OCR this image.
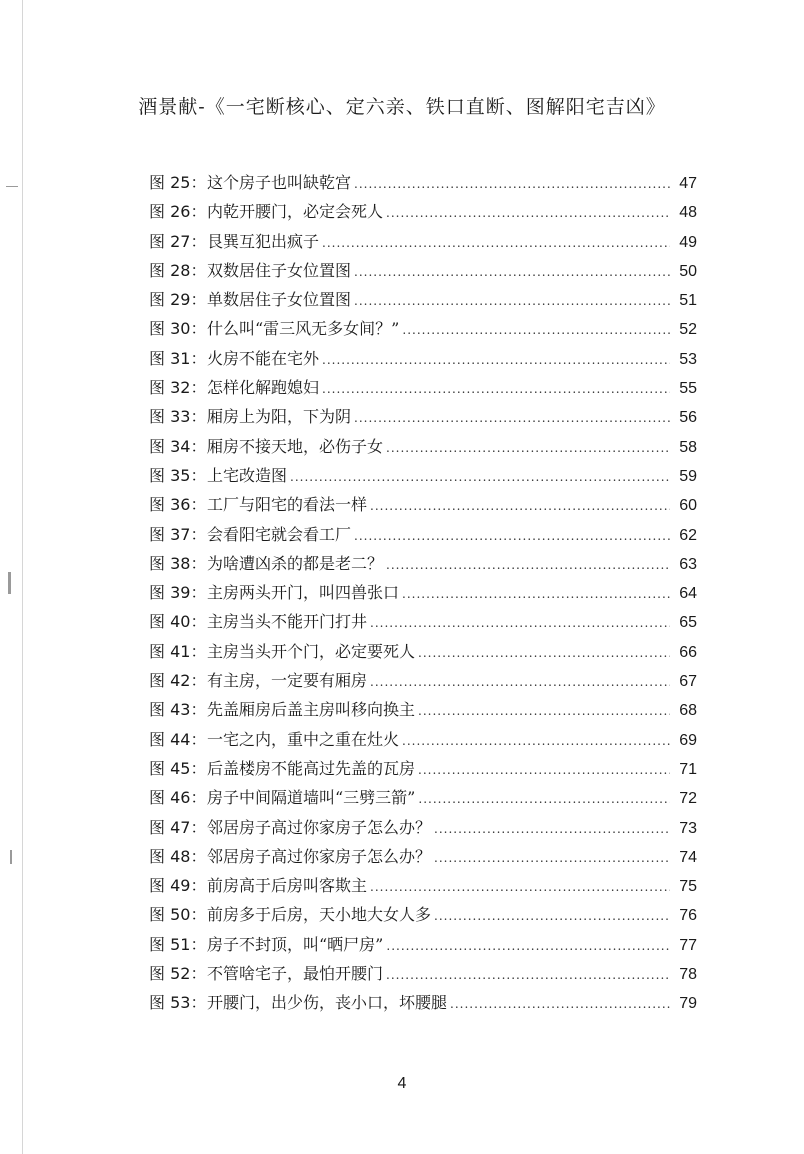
酒景献-《一宅断核心、定六亲、铁口直断、图解阳宅吉凶》
图 25： 这个房子也叫缺乾宫 .....	47
图 26： 内乾开腰门，必定会死人 .....	48
图 27： 艮巽互犯出疯子 .....	49
图 28： 双数居住子女位置图 .....	50
图 29： 单数居住子女位置图 .....	51
图 30： 什么叫“雷三风无多女间？” .....	52
图 31： 火房不能在宅外 .....	53
图 32： 怎样化解跑媳妇 .....	55
图 33： 厢房上为阳，下为阴 .....	56
图 34： 厢房不接天地，必伤子女 .....	58
图 35： 上宅改造图 .....	59
图 36： 工厂与阳宅的看法一样 .....	60
图 37： 会看阳宅就会看工厂 .....	62
图 38： 为啥遭凶杀的都是老二？ .....	63
图 39： 主房两头开门，叫四兽张口 .....	64
图 40： 主房当头不能开门打井 .....	65
图 41： 主房当头开个门，必定要死人 .....	66
图 42： 有主房，一定要有厢房 .....	67
图 43： 先盖厢房后盖主房叫移向换主 .....	68
图 44： 一宅之内，重中之重在灶火 .....	69
图 45： 后盖楼房不能高过先盖的瓦房 .....	71
图 46： 房子中间隔道墙叫“三劈三箭” .....	72
图 47： 邻居房子高过你家房子怎么办？ .....	73
图 48： 邻居房子高过你家房子怎么办？ .....	74
图 49： 前房高于后房叫客欺主 .....	75
图 50： 前房多于后房，天小地大女人多 .....	76
图 51： 房子不封顶，叫“晒尸房” .....	77
图 52： 不管啥宅子，最怕开腰门 .....	78
图 53： 开腰门，出少伤，丧小口，坏腰腿 .....	79
4
